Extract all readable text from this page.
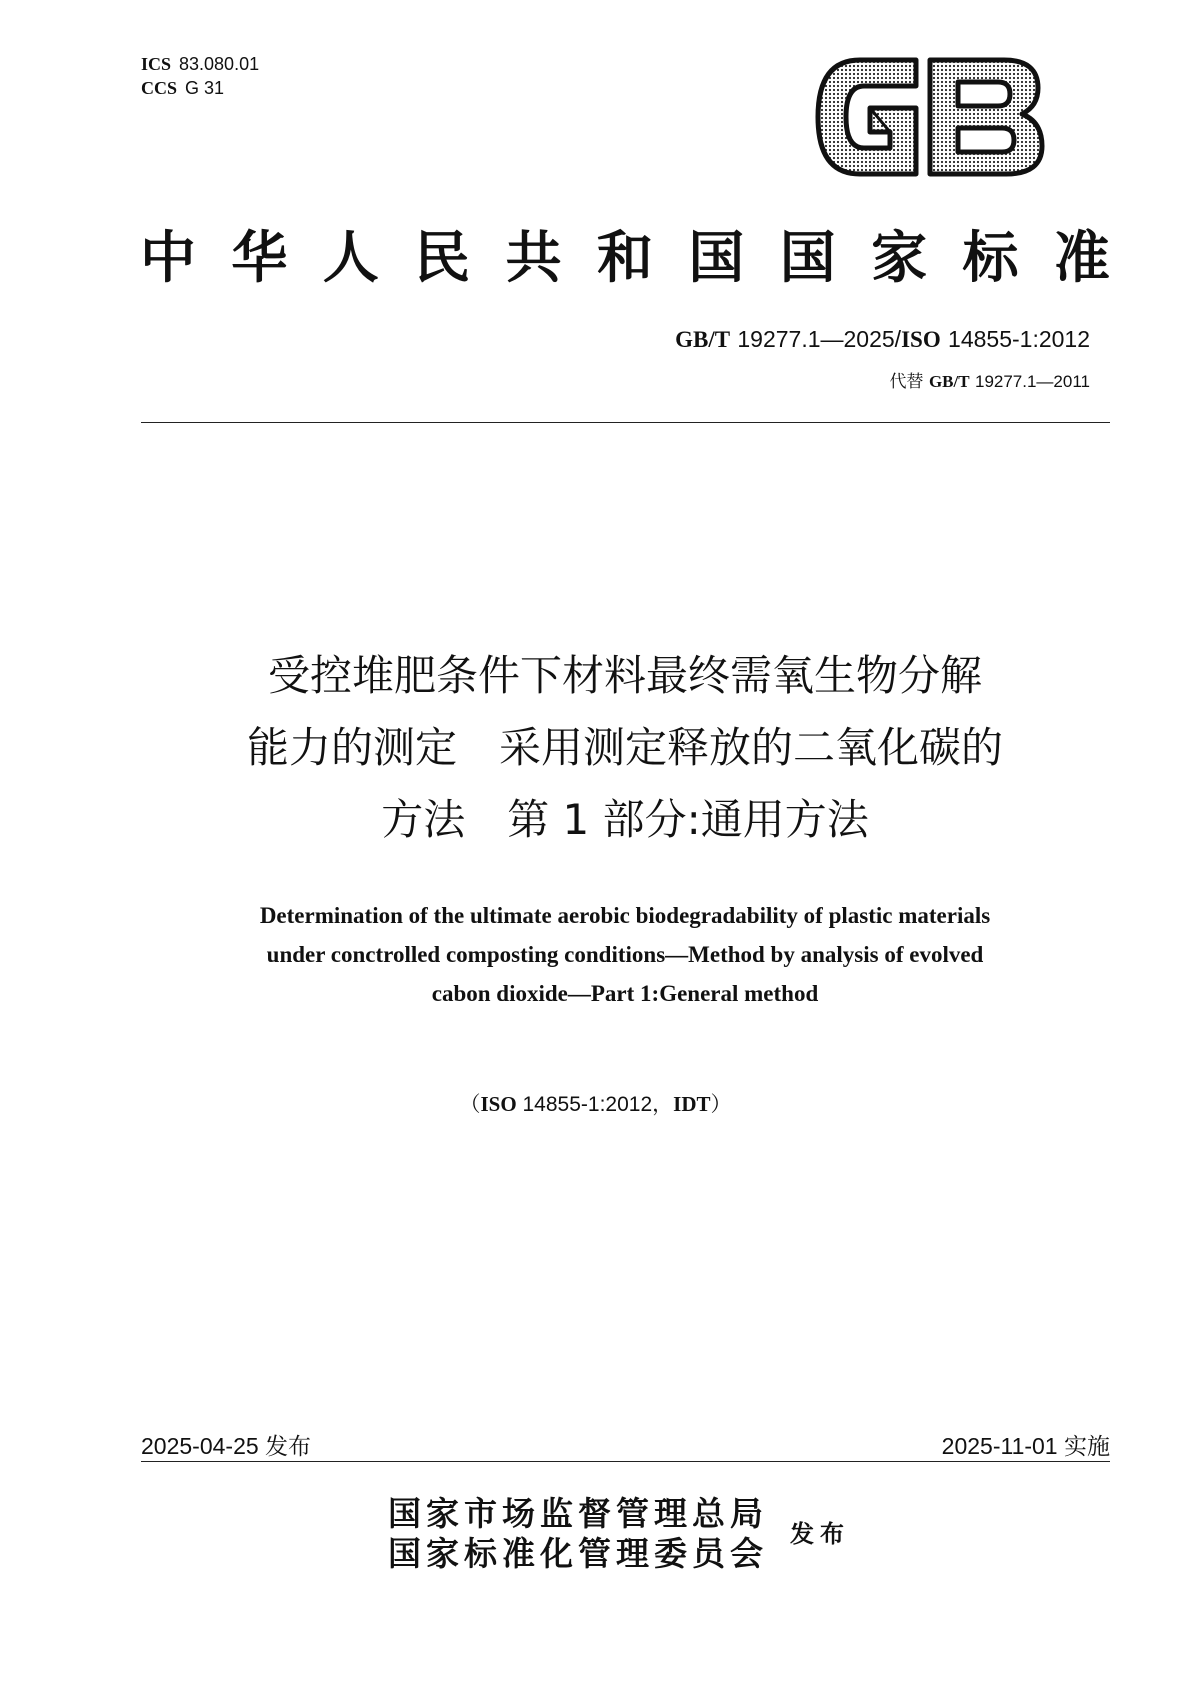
ICS 83.080.01
CCS G 31
中 华 人 民 共 和 国 国 家 标 准
GB/T 19277.1—2025/ISO 14855-1:2012
代替 GB/T 19277.1—2011
受控堆肥条件下材料最终需氧生物分解
能力的测定　采用测定释放的二氧化碳的
方法　第 1 部分:通用方法
Determination of the ultimate aerobic biodegradability of plastic materials
under conctrolled composting conditions—Method by analysis of evolved
cabon dioxide—Part 1:General method
（ISO 14855-1:2012，IDT）
2025-04-25 发布	2025-11-01 实施
国家市场监督管理总局
国家标准化管理委员会
发布
